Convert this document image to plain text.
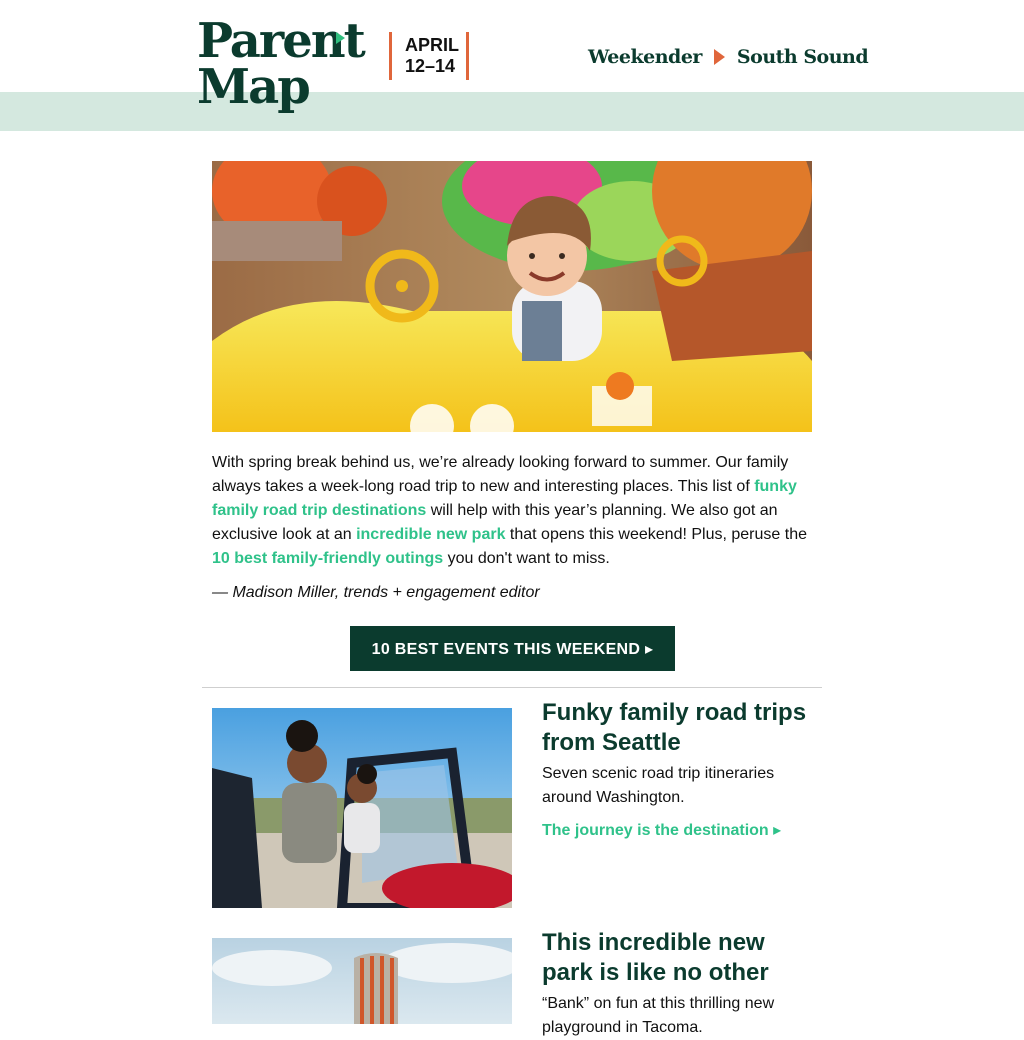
Parent
Map
APRIL
12–14	Weekender South Sound
With spring break behind us, we’re already looking forward to summer. Our family always takes a week-long road trip to new and interesting places. This list of funky family road trip destinations will help with this year’s planning. We also got an exclusive look at an incredible new park that opens this weekend! Plus, peruse the 10 best family-friendly outings you don't want to miss.
— Madison Miller, trends + engagement editor
10 BEST EVENTS THIS WEEKEND ▸
Funky family road trips from Seattle
Seven scenic road trip itineraries around Washington.
The journey is the destination ▸
This incredible new park is like no other
“Bank” on fun at this thrilling new playground in Tacoma.
